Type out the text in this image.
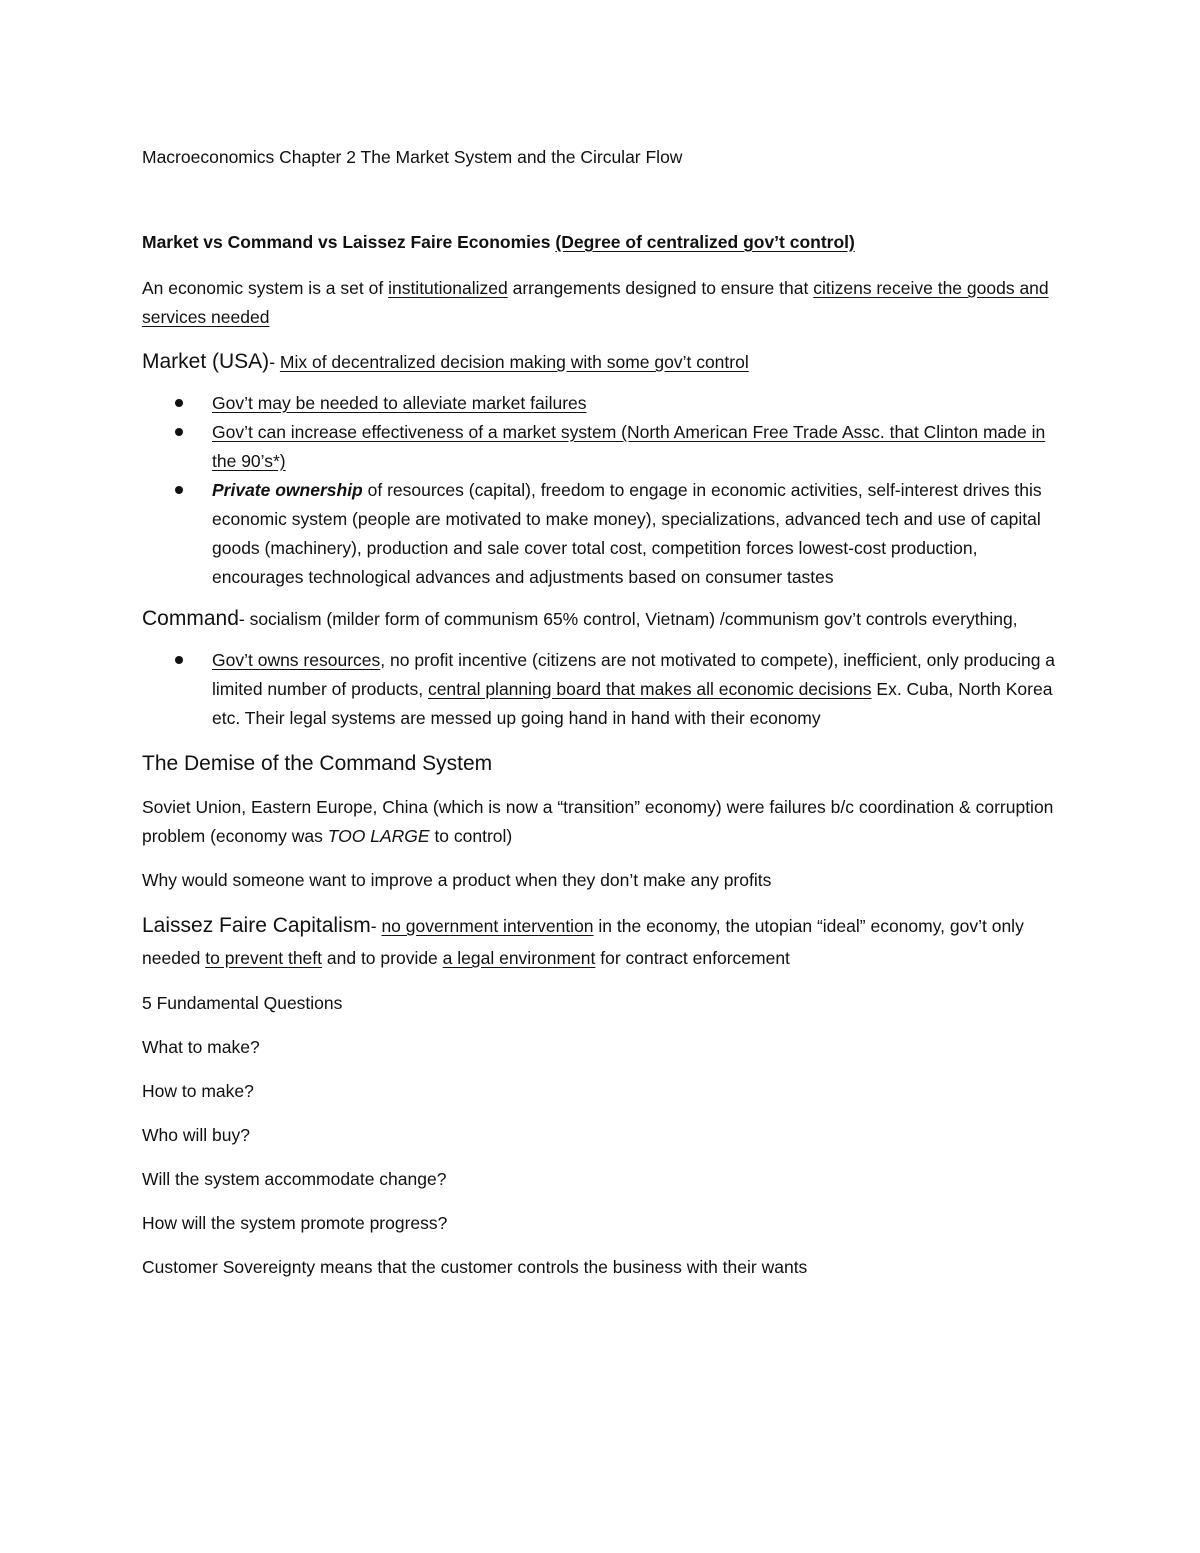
Macroeconomics Chapter 2 The Market System and the Circular Flow

Market vs Command vs Laissez Faire Economies (Degree of centralized gov’t control)

An economic system is a set of institutionalized arrangements designed to ensure that citizens receive the goods and services needed

Market (USA)- Mix of decentralized decision making with some gov’t control

Gov’t may be needed to alleviate market failures
Gov’t can increase effectiveness of a market system (North American Free Trade Assc. that Clinton made in the 90’s*)
Private ownership of resources (capital), freedom to engage in economic activities, self-interest drives this economic system (people are motivated to make money), specializations, advanced tech and use of capital goods (machinery), production and sale cover total cost, competition forces lowest-cost production, encourages technological advances and adjustments based on consumer tastes

Command- socialism (milder form of communism 65% control, Vietnam) /communism gov’t controls everything,

Gov’t owns resources, no profit incentive (citizens are not motivated to compete), inefficient, only producing a limited number of products, central planning board that makes all economic decisions Ex. Cuba, North Korea etc. Their legal systems are messed up going hand in hand with their economy

The Demise of the Command System

Soviet Union, Eastern Europe, China (which is now a “transition” economy) were failures b/c coordination & corruption problem (economy was TOO LARGE to control)

Why would someone want to improve a product when they don’t make any profits

Laissez Faire Capitalism- no government intervention in the economy, the utopian “ideal” economy, gov’t only needed to prevent theft and to provide a legal environment for contract enforcement

5 Fundamental Questions

What to make?

How to make?

Who will buy?

Will the system accommodate change?

How will the system promote progress?

Customer Sovereignty means that the customer controls the business with their wants
